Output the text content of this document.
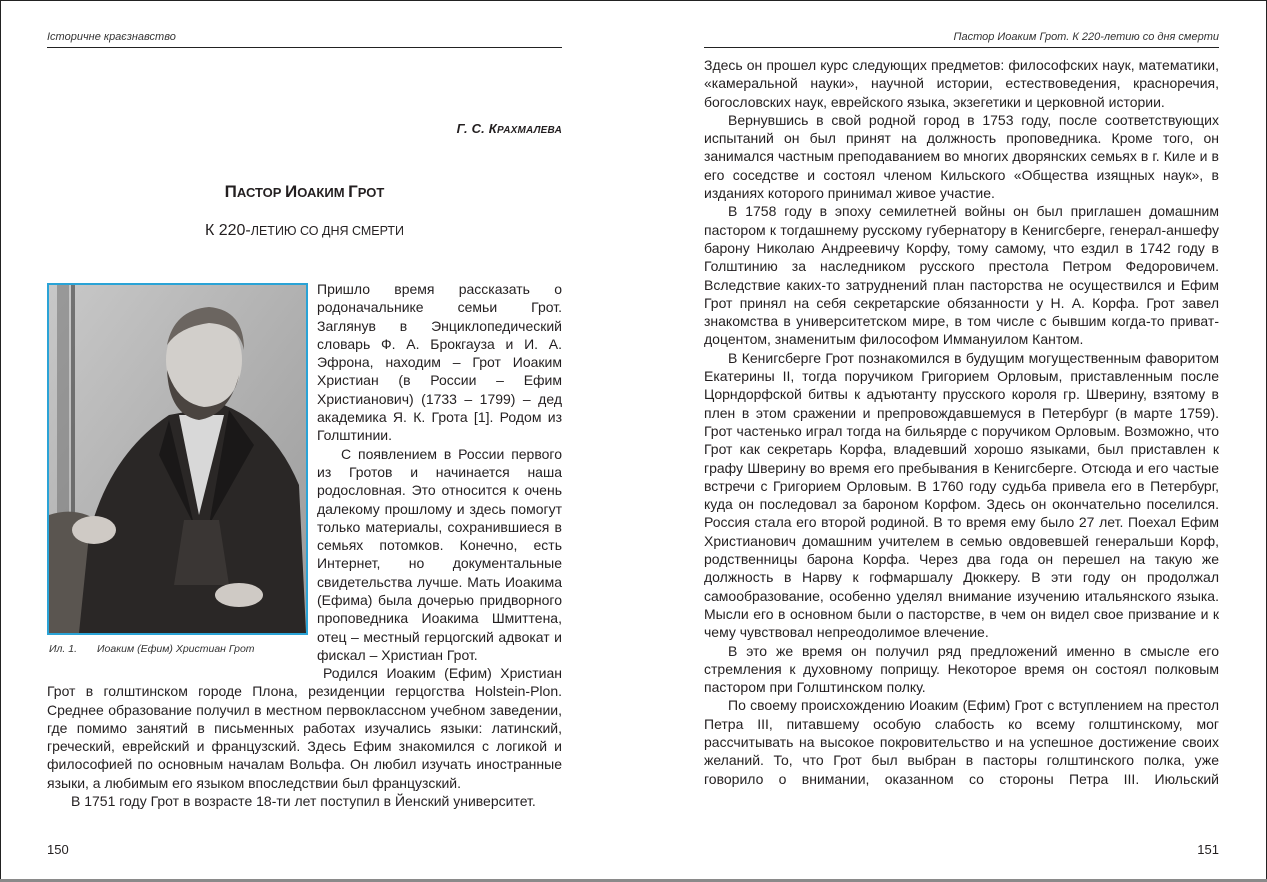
Історичне краєзнавство
Г. С. КРАХМАЛЕВА
ПАСТОР ИОАКИМ ГРОТ
К 220-ЛЕТИЮ СО ДНЯ СМЕРТИ
Ил. 1. Иоаким (Ефим) Христиан Грот

Пришло время рассказать о родоначальнике семьи Грот. Заглянув в Энциклопедический словарь Ф. А. Брокгауза и И. А. Эфрона, находим – Грот Иоаким Христиан (в России – Ефим Христианович) (1733 – 1799) – дед академика Я. К. Грота [1]. Родом из Голштинии.

С появлением в России первого из Гротов и начинается наша родословная. Это относится к очень далекому прошлому и здесь помогут только материалы, сохранившиеся в семьях потомков. Конечно, есть Интернет, но документальные свидетельства лучше. Мать Иоакима (Ефима) была дочерью придворного проповедника Иоакима Шмиттена, отец – местный герцогский адвокат и фискал – Христиан Грот.

Родился Иоаким (Ефим) Христиан Грот в голштинском городе Плона, резиденции герцогства Holstein-Plon. Среднее образование получил в местном первоклассном учебном заведении, где помимо занятий в письменных работах изучались языки: латинский, греческий, еврейский и французский. Здесь Ефим знакомился с логикой и философией по основным началам Вольфа. Он любил изучать иностранные языки, а любимым его языком впоследствии был французский.

В 1751 году Грот в возрасте 18-ти лет поступил в Йенский университет.

150
Пастор Иоаким Грот. К 220-летию со дня смерти

Здесь он прошел курс следующих предметов: философских наук, математики, «камеральной науки», научной истории, естествоведения, красноречия, богословских наук, еврейского языка, экзегетики и церковной истории.

Вернувшись в свой родной город в 1753 году, после соответствующих испытаний он был принят на должность проповедника. Кроме того, он занимался частным преподаванием во многих дворянских семьях в г. Киле и в его соседстве и состоял членом Кильского «Общества изящных наук», в изданиях которого принимал живое участие.

В 1758 году в эпоху семилетней войны он был приглашен домашним пастором к тогдашнему русскому губернатору в Кенигсберге, генерал-аншефу барону Николаю Андреевичу Корфу, тому самому, что ездил в 1742 году в Голштинию за наследником русского престола Петром Федоровичем. Вследствие каких-то затруднений план пасторства не осуществился и Ефим Грот принял на себя секретарские обязанности у Н. А. Корфа. Грот завел знакомства в университетском мире, в том числе с бывшим когда-то приват-доцентом, знаменитым философом Иммануилом Кантом.

В Кенигсберге Грот познакомился в будущим могущественным фаворитом Екатерины II, тогда поручиком Григорием Орловым, приставленным после Цорндорфской битвы к адъютанту прусского короля гр. Шверину, взятому в плен в этом сражении и препровождавшемуся в Петербург (в марте 1759). Грот частенько играл тогда на бильярде с поручиком Орловым. Возможно, что Грот как секретарь Корфа, владевший хорошо языками, был приставлен к графу Шверину во время его пребывания в Кенигсберге. Отсюда и его частые встречи с Григорием Орловым. В 1760 году судьба привела его в Петербург, куда он последовал за бароном Корфом. Здесь он окончательно поселился. Россия стала его второй родиной. В то время ему было 27 лет. Поехал Ефим Христианович домашним учителем в семью овдовевшей генеральши Корф, родственницы барона Корфа. Через два года он перешел на такую же должность в Нарву к гофмаршалу Дюккеру. В эти году он продолжал самообразование, особенно уделял внимание изучению итальянского языка. Мысли его в основном были о пасторстве, в чем он видел свое призвание и к чему чувствовал непреодолимое влечение.

В это же время он получил ряд предложений именно в смысле его стремления к духовному поприщу. Некоторое время он состоял полковым пастором при Голштинском полку.

По своему происхождению Иоаким (Ефим) Грот с вступлением на престол Петра III, питавшему особую слабость ко всему голштинскому, мог рассчитывать на высокое покровительство и на успешное достижение своих желаний. То, что Грот был выбран в пасторы голштинского полка, уже говорило о внимании, оказанном со стороны Петра III. Июльский

151
